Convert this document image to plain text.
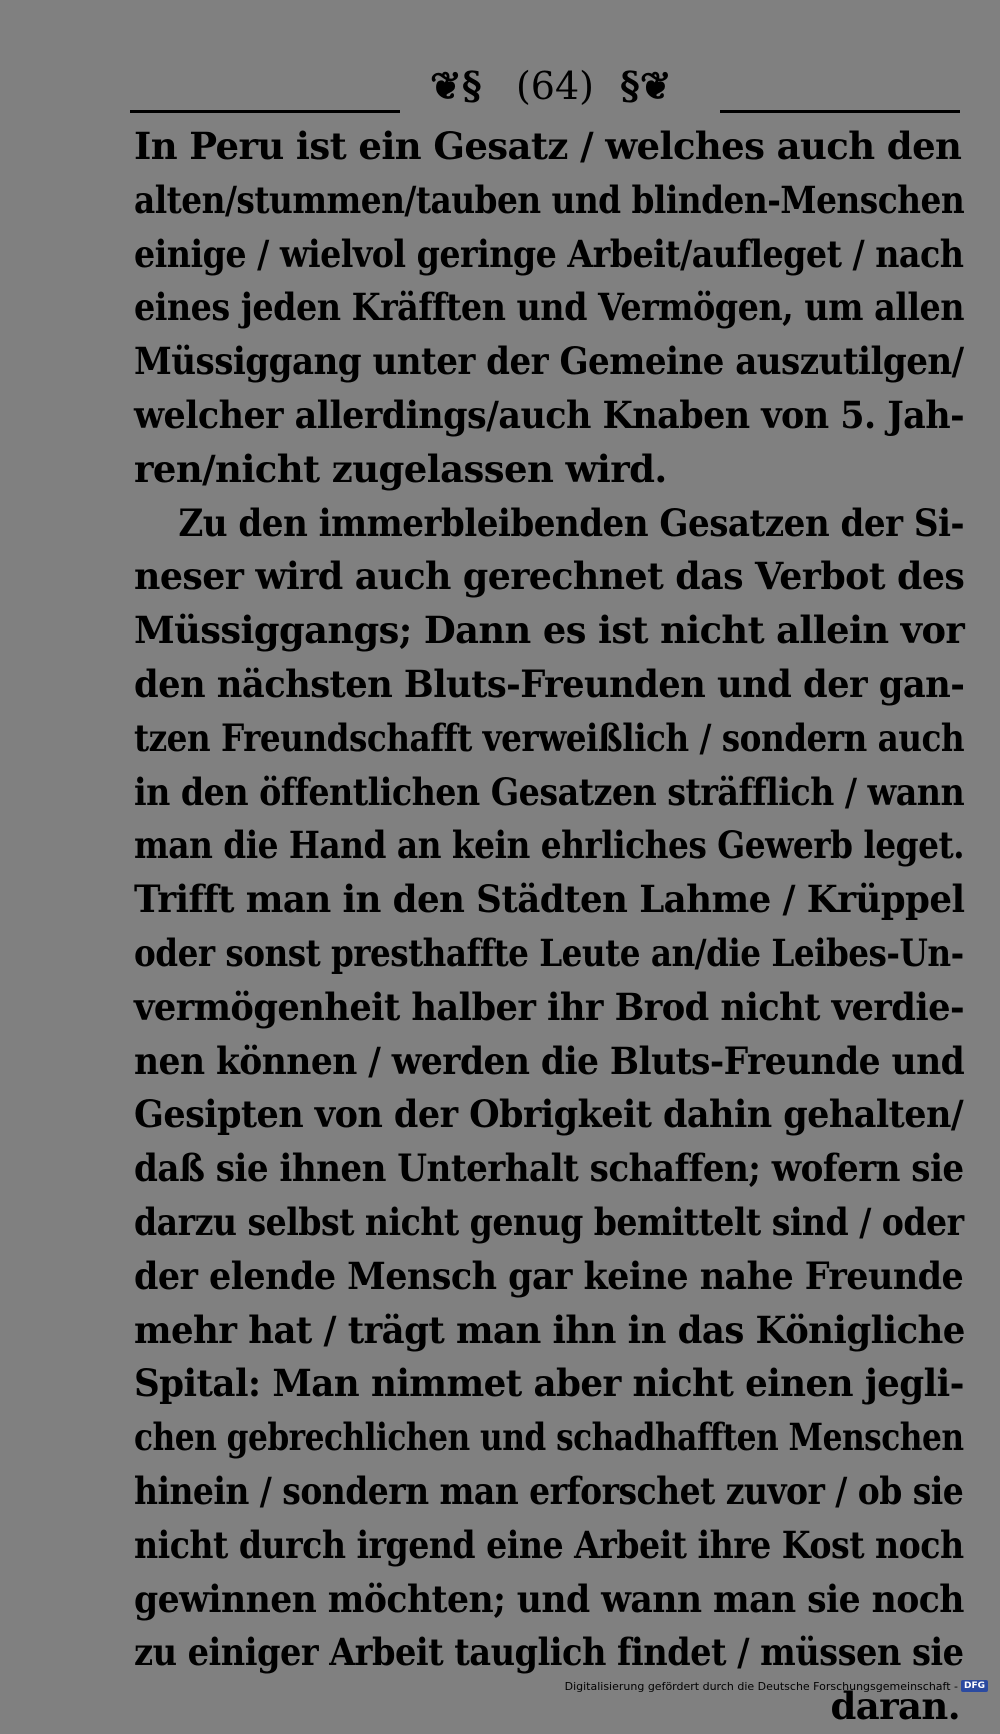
❦§ (64) §❦
In Peru ist ein Gesatz / welches auch den
alten/stummen/tauben und blinden-Menschen
einige / wielvol geringe Arbeit/aufleget / nach
eines jeden Kräfften und Vermögen, um allen
Müssiggang unter der Gemeine auszutilgen/
welcher allerdings/auch Knaben von 5. Jah-
ren/nicht zugelassen wird.
Zu den immerbleibenden Gesatzen der Si-
neser wird auch gerechnet das Verbot des
Müssiggangs; Dann es ist nicht allein vor
den nächsten Bluts-Freunden und der gan-
tzen Freundschafft verweißlich / sondern auch
in den öffentlichen Gesatzen sträfflich / wann
man die Hand an kein ehrliches Gewerb leget.
Trifft man in den Städten Lahme / Krüppel
oder sonst presthaffte Leute an/die Leibes-Un-
vermögenheit halber ihr Brod nicht verdie-
nen können / werden die Bluts-Freunde und
Gesipten von der Obrigkeit dahin gehalten/
daß sie ihnen Unterhalt schaffen; wofern sie
darzu selbst nicht genug bemittelt sind / oder
der elende Mensch gar keine nahe Freunde
mehr hat / trägt man ihn in das Königliche
Spital: Man nimmet aber nicht einen jegli-
chen gebrechlichen und schadhafften Menschen
hinein / sondern man erforschet zuvor / ob sie
nicht durch irgend eine Arbeit ihre Kost noch
gewinnen möchten; und wann man sie noch
zu einiger Arbeit tauglich findet / müssen sie
daran.
Digitalisierung gefördert durch die Deutsche Forschungsgemeinschaft - DFG
